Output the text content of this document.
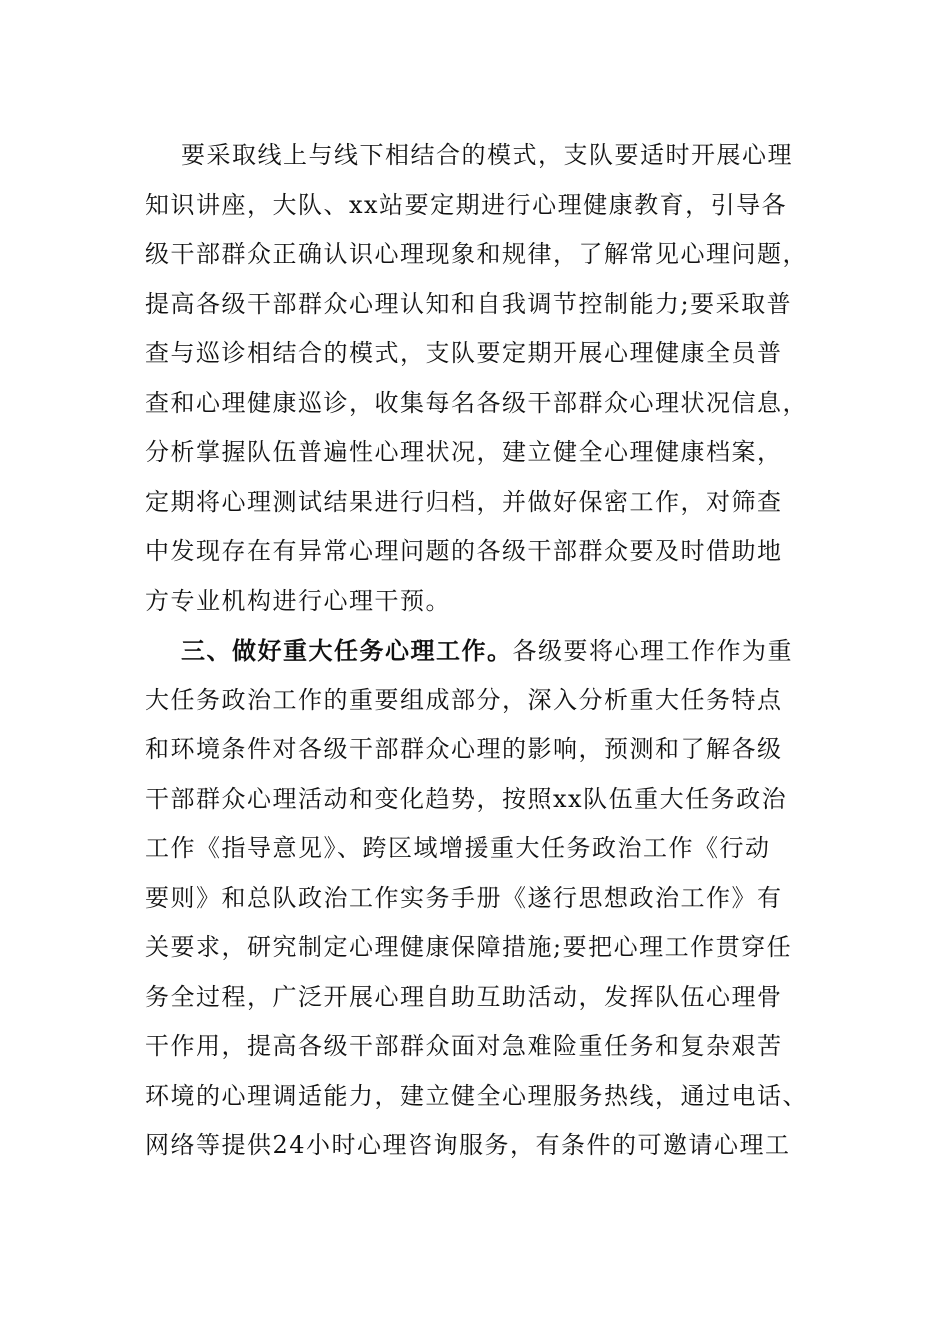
要采取线上与线下相结合的模式，支队要适时开展心理
知识讲座，大队、xx站要定期进行心理健康教育，引导各
级干部群众正确认识心理现象和规律，了解常见心理问题，
提高各级干部群众心理认知和自我调节控制能力;要采取普
查与巡诊相结合的模式，支队要定期开展心理健康全员普
查和心理健康巡诊，收集每名各级干部群众心理状况信息，
分析掌握队伍普遍性心理状况，建立健全心理健康档案，
定期将心理测试结果进行归档，并做好保密工作，对筛查
中发现存在有异常心理问题的各级干部群众要及时借助地
方专业机构进行心理干预。
三、做好重大任务心理工作。各级要将心理工作作为重
大任务政治工作的重要组成部分，深入分析重大任务特点
和环境条件对各级干部群众心理的影响，预测和了解各级
干部群众心理活动和变化趋势，按照xx队伍重大任务政治
工作《指导意见》、跨区域增援重大任务政治工作《行动
要则》和总队政治工作实务手册《遂行思想政治工作》有
关要求，研究制定心理健康保障措施;要把心理工作贯穿任
务全过程，广泛开展心理自助互助活动，发挥队伍心理骨
干作用，提高各级干部群众面对急难险重任务和复杂艰苦
环境的心理调适能力，建立健全心理服务热线，通过电话、
网络等提供24小时心理咨询服务，有条件的可邀请心理工
